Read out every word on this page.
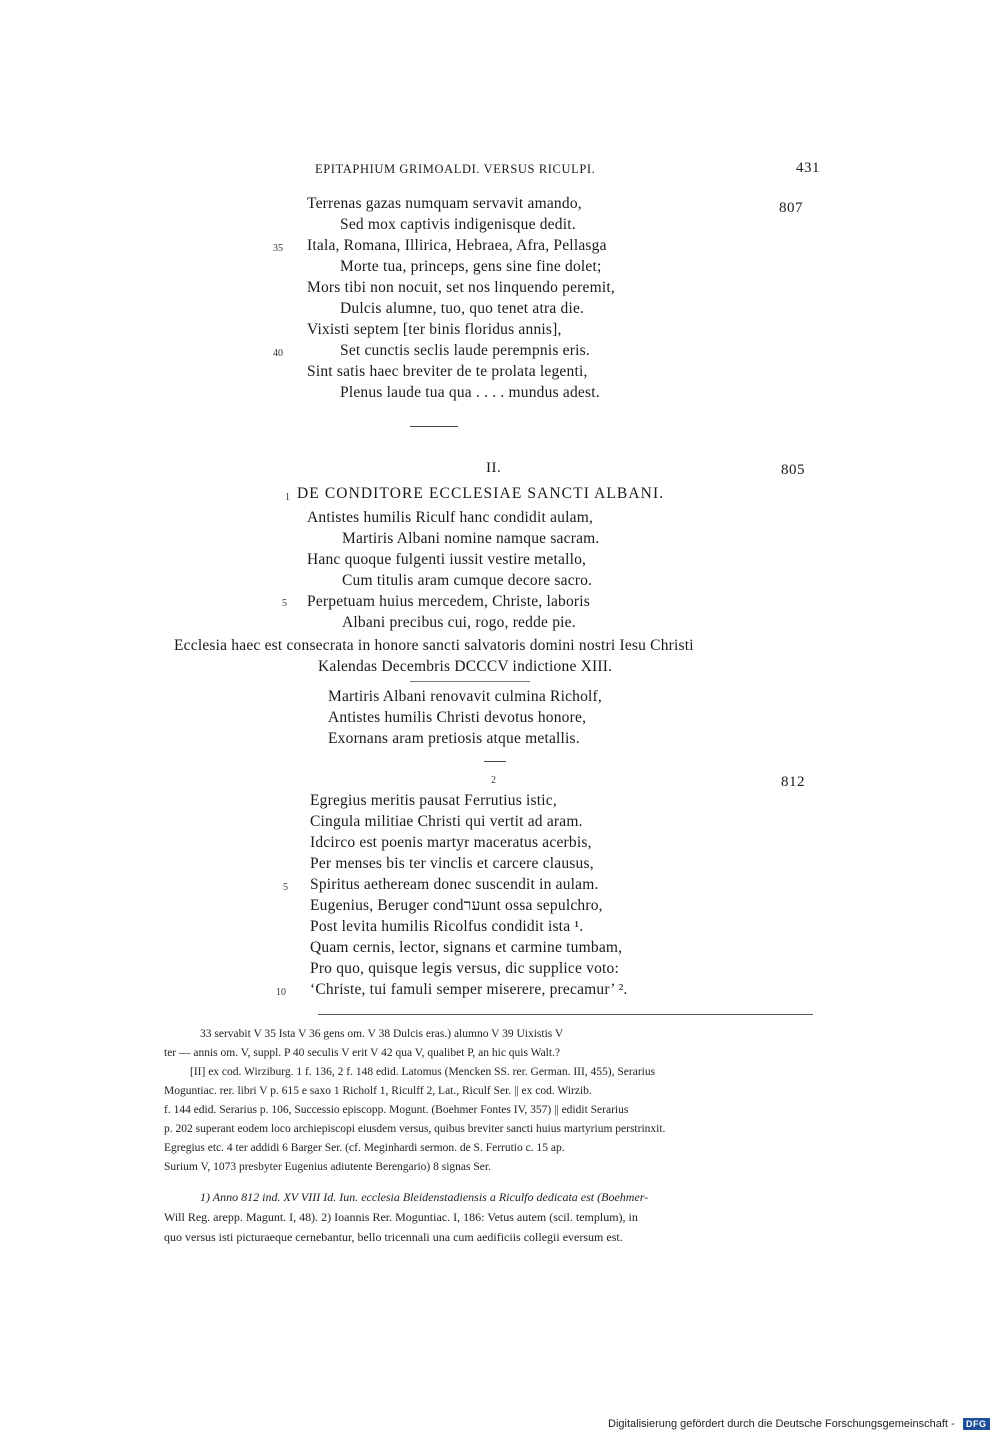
EPITAPHIUM GRIMOALDI. VERSUS RICULPI.	431
807
Terrenas gazas numquam servavit amando,
Sed mox captivis indigenisque dedit.
35 Itala, Romana, Illirica, Hebraea, Afra, Pellasga
Morte tua, princeps, gens sine fine dolet;
Mors tibi non nocuit, set nos linquendo peremit,
Dulcis alumne, tuo, quo tenet atra die.
Vixisti septem [ter binis floridus annis],
40	Set cunctis seclis laude perempnis eris.
Sint satis haec breviter de te prolata legenti,
Plenus laude tua qua . . . . mundus adest.
II.	805
1 DE CONDITORE ECCLESIAE SANCTI ALBANI.
Antistes humilis Riculf hanc condidit aulam,
Martiris Albani nomine namque sacram.
Hanc quoque fulgenti iussit vestire metallo,
Cum titulis aram cumque decore sacro.
5 Perpetuam huius mercedem, Christe, laboris
Albani precibus cui, rogo, redde pie.
Ecclesia haec est consecrata in honore sancti salvatoris domini nostri Iesu Christi
Kalendas Decembris DCCCV indictione XIII.
Martiris Albani renovavit culmina Richolf,
Antistes humilis Christi devotus honore,
Exornans aram pretiosis atque metallis.
2	812
Egregius meritis pausat Ferrutius istic,
Cingula militiae Christi qui vertit ad aram.
Idcirco est poenis martyr maceratus acerbis,
Per menses bis ter vinclis et carcere clausus,
5 Spiritus aetheream donec suscendit in aulam.
Eugenius, Beruger condערunt ossa sepulchro,
Post levita humilis Ricolfus condidit ista ¹.
Quam cernis, lector, signans et carmine tumbam,
Pro quo, quisque legis versus, dic supplice voto:
10 ‘Christe, tui famuli semper miserere, precamur’ ².
33 servabit V 35 Ista V 36 gens om. V 38 Dulcis eras.) alumno V 39 Uixistis V
ter — annis om. V, suppl. P 40 seculis V erit V 42 qua V, qualibet P, an hic quis Walt.?
[II] ex cod. Wirziburg. 1 f. 136, 2 f. 148 edid. Latomus (Mencken SS. rer. German. III, 455), Serarius
Moguntiac. rer. libri V p. 615 e saxo 1 Richolf 1, Riculff 2, Lat., Riculf Ser. || ex cod. Wirzib.
f. 144 edid. Serarius p. 106, Successio episcopp. Mogunt. (Boehmer Fontes IV, 357) || edidit Serarius
p. 202 superant eodem loco archiepiscopi eiusdem versus, quibus breviter sancti huius martyrium perstrinxit.
Egregius etc. 4 ter addidi 6 Barger Ser. (cf. Meginhardi sermon. de S. Ferrutio c. 15 ap.
Surium V, 1073 presbyter Eugenius adiutente Berengario) 8 signas Ser.
1) Anno 812 ind. XV VIII Id. Iun. ecclesia Bleidenstadiensis a Riculfo dedicata est (Boehmer-
Will Reg. arepp. Magunt. I, 48). 2) Ioannis Rer. Moguntiac. I, 186: Vetus autem (scil. templum), in
quo versus isti picturaeque cernebantur, bello tricennali una cum aedificiis collegii eversum est.
Digitalisierung gefördert durch die Deutsche Forschungsgemeinschaft -	DFG
